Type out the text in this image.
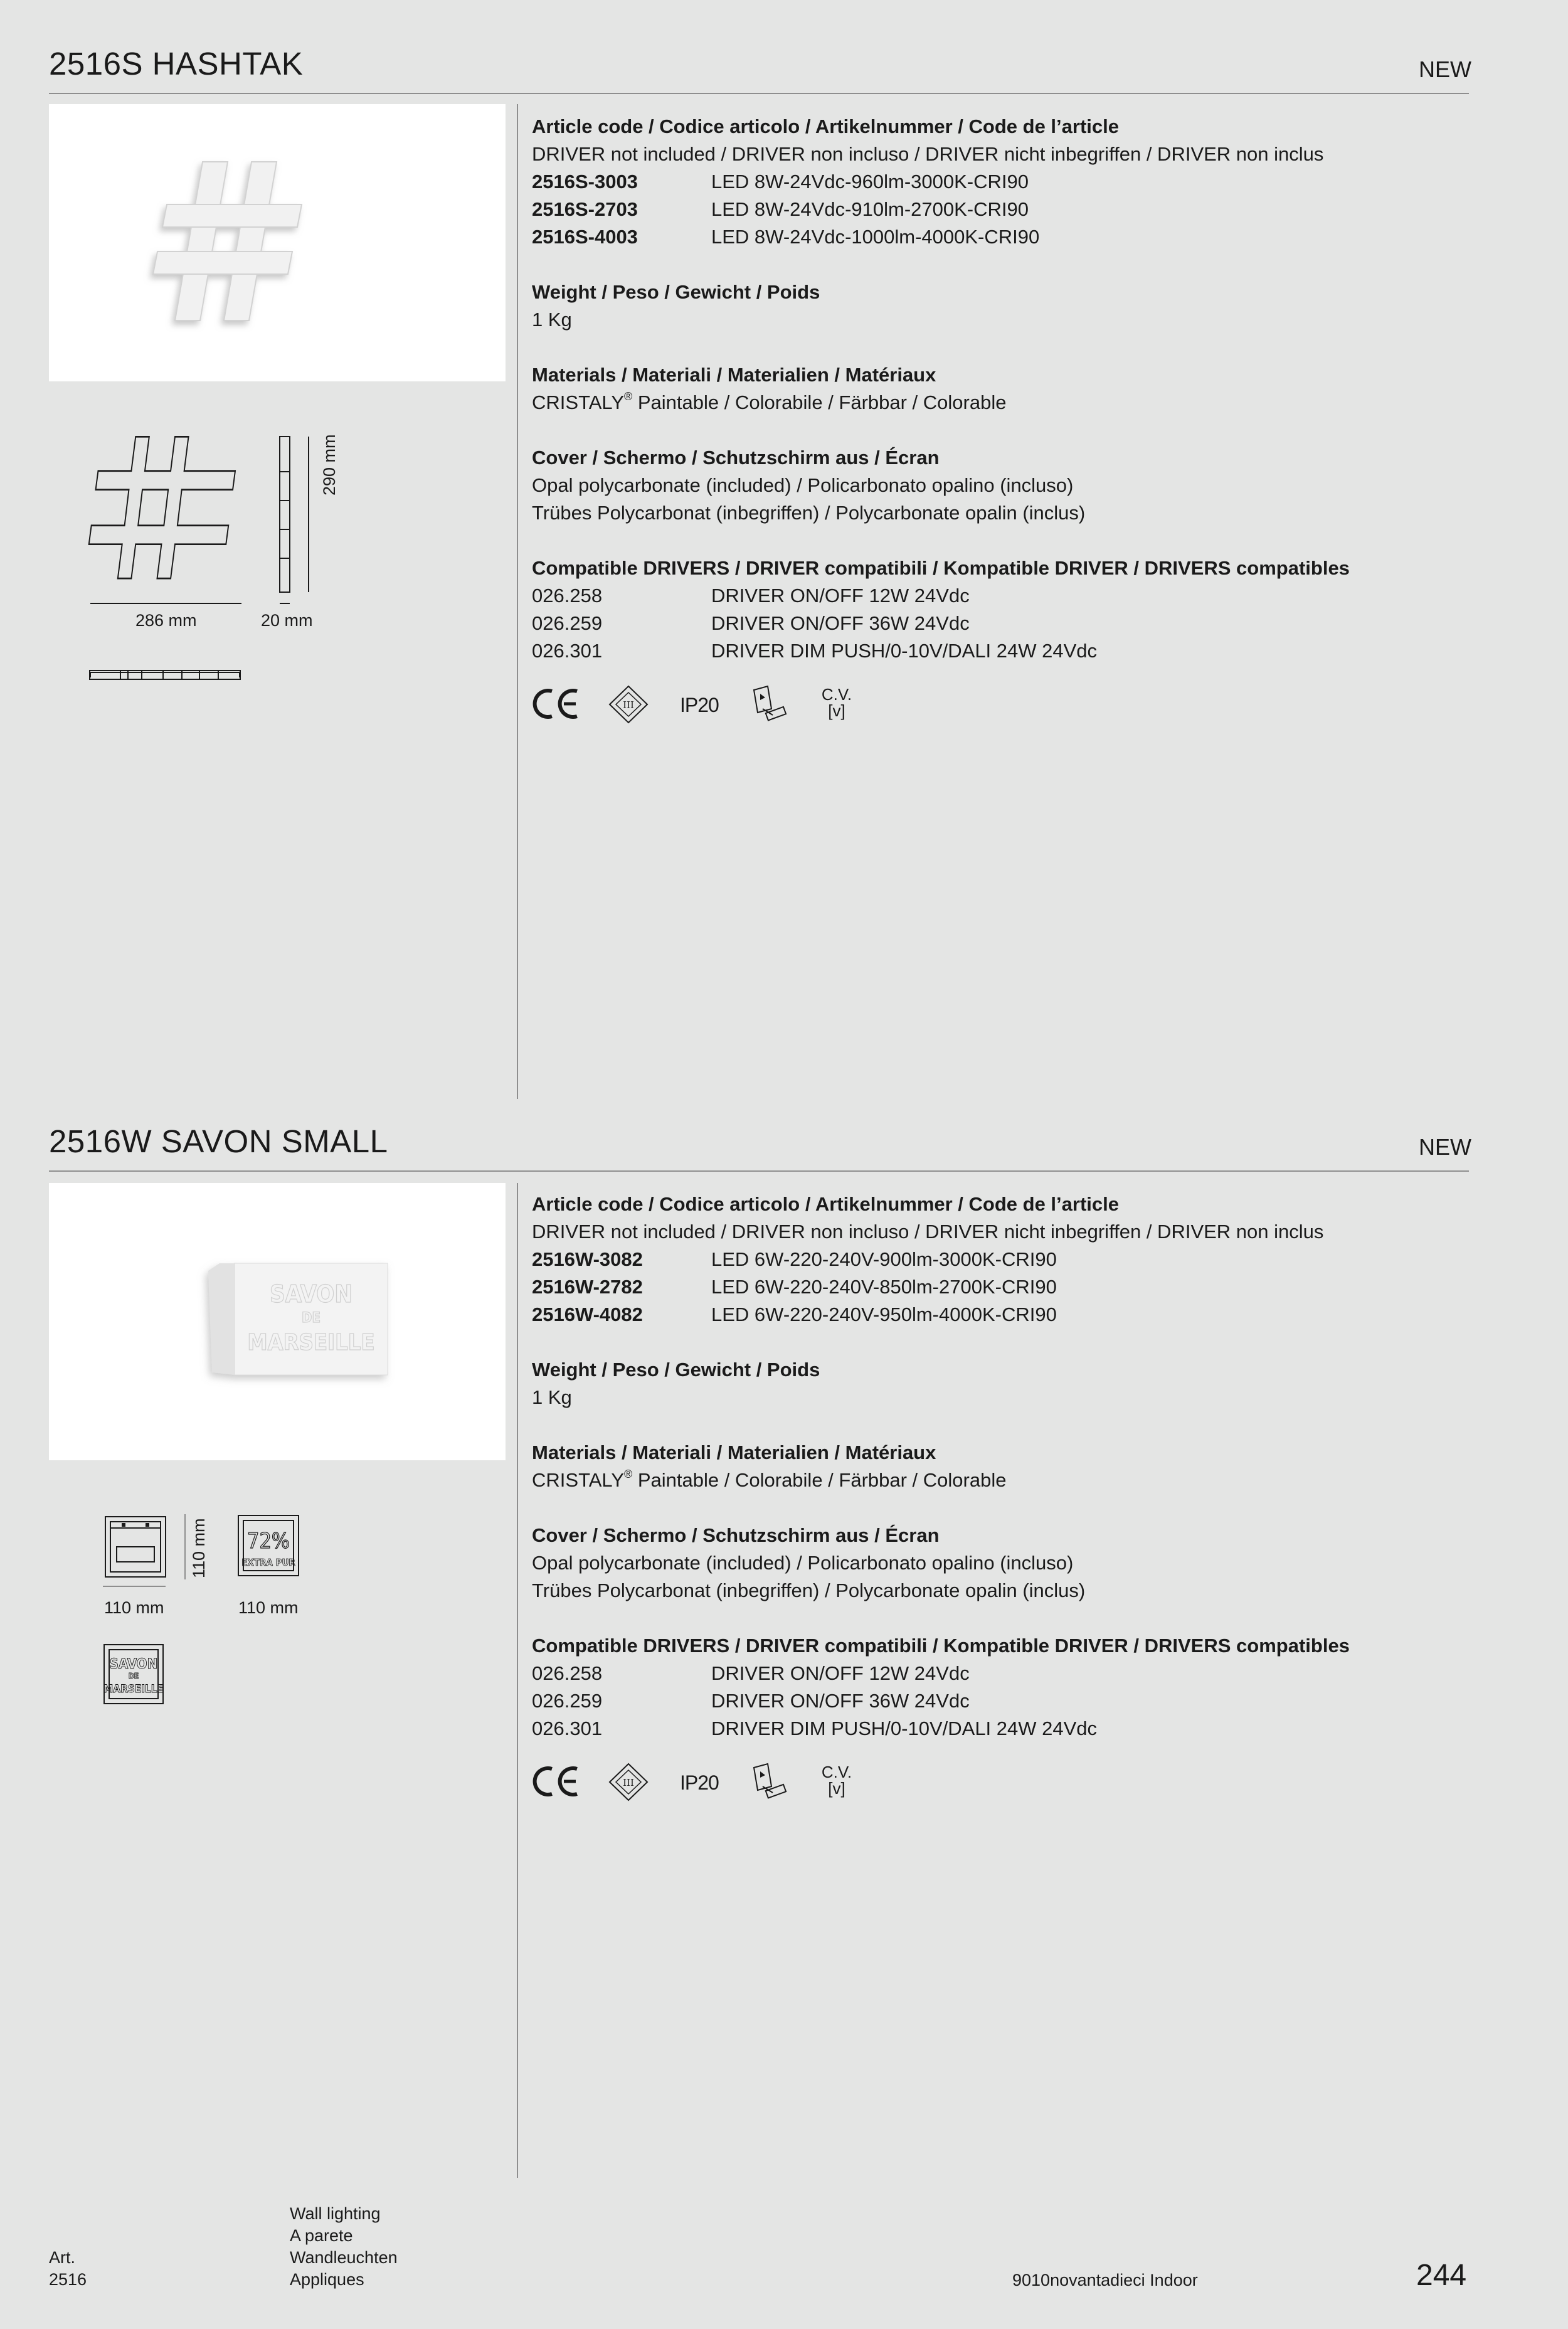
2516S HASHTAK	NEW
286 mm	20 mm
290 mm
Article code / Codice articolo / Artikelnummer / Code de l’article
DRIVER not included / DRIVER non incluso / DRIVER nicht inbegriffen / DRIVER non inclus
2516S-3003	LED 8W-24Vdc-960lm-3000K-CRI90
2516S-2703	LED 8W-24Vdc-910lm-2700K-CRI90
2516S-4003	LED 8W-24Vdc-1000lm-4000K-CRI90
Weight / Peso / Gewicht / Poids
1 Kg
Materials / Materiali / Materialien / Matériaux
CRISTALY® Paintable / Colorabile / Färbbar / Colorable
Cover / Schermo / Schutzschirm aus / Écran
Opal polycarbonate (included) / Policarbonato opalino (incluso)
Trübes Polycarbonat (inbegriffen) / Polycarbonate opalin (inclus)
Compatible DRIVERS / DRIVER compatibili / Kompatible DRIVER / DRIVERS compatibles
026.258	DRIVER ON/OFF 12W 24Vdc
026.259	DRIVER ON/OFF 36W 24Vdc
026.301	DRIVER DIM PUSH/0-10V/DALI 24W 24Vdc
III IP20	C.V.
[v]
2516W SAVON SMALL	NEW
SAVON
DE
MARSEILLE
110 mm 72%
EXTRA PUR
110 mm	110 mm
SAVON
DE
MARSEILLE
Article code / Codice articolo / Artikelnummer / Code de l’article
DRIVER not included / DRIVER non incluso / DRIVER nicht inbegriffen / DRIVER non inclus
2516W-3082	LED 6W-220-240V-900lm-3000K-CRI90
2516W-2782	LED 6W-220-240V-850lm-2700K-CRI90
2516W-4082	LED 6W-220-240V-950lm-4000K-CRI90
Weight / Peso / Gewicht / Poids
1 Kg
Materials / Materiali / Materialien / Matériaux
CRISTALY® Paintable / Colorabile / Färbbar / Colorable
Cover / Schermo / Schutzschirm aus / Écran
Opal polycarbonate (included) / Policarbonato opalino (incluso)
Trübes Polycarbonat (inbegriffen) / Polycarbonate opalin (inclus)
Compatible DRIVERS / DRIVER compatibili / Kompatible DRIVER / DRIVERS compatibles
026.258	DRIVER ON/OFF 12W 24Vdc
026.259	DRIVER ON/OFF 36W 24Vdc
026.301	DRIVER DIM PUSH/0-10V/DALI 24W 24Vdc
III IP20	C.V.
[v]
Art.
2516
Wall lighting
A parete
Wandleuchten
Appliques	9010novantadieci Indoor	244
